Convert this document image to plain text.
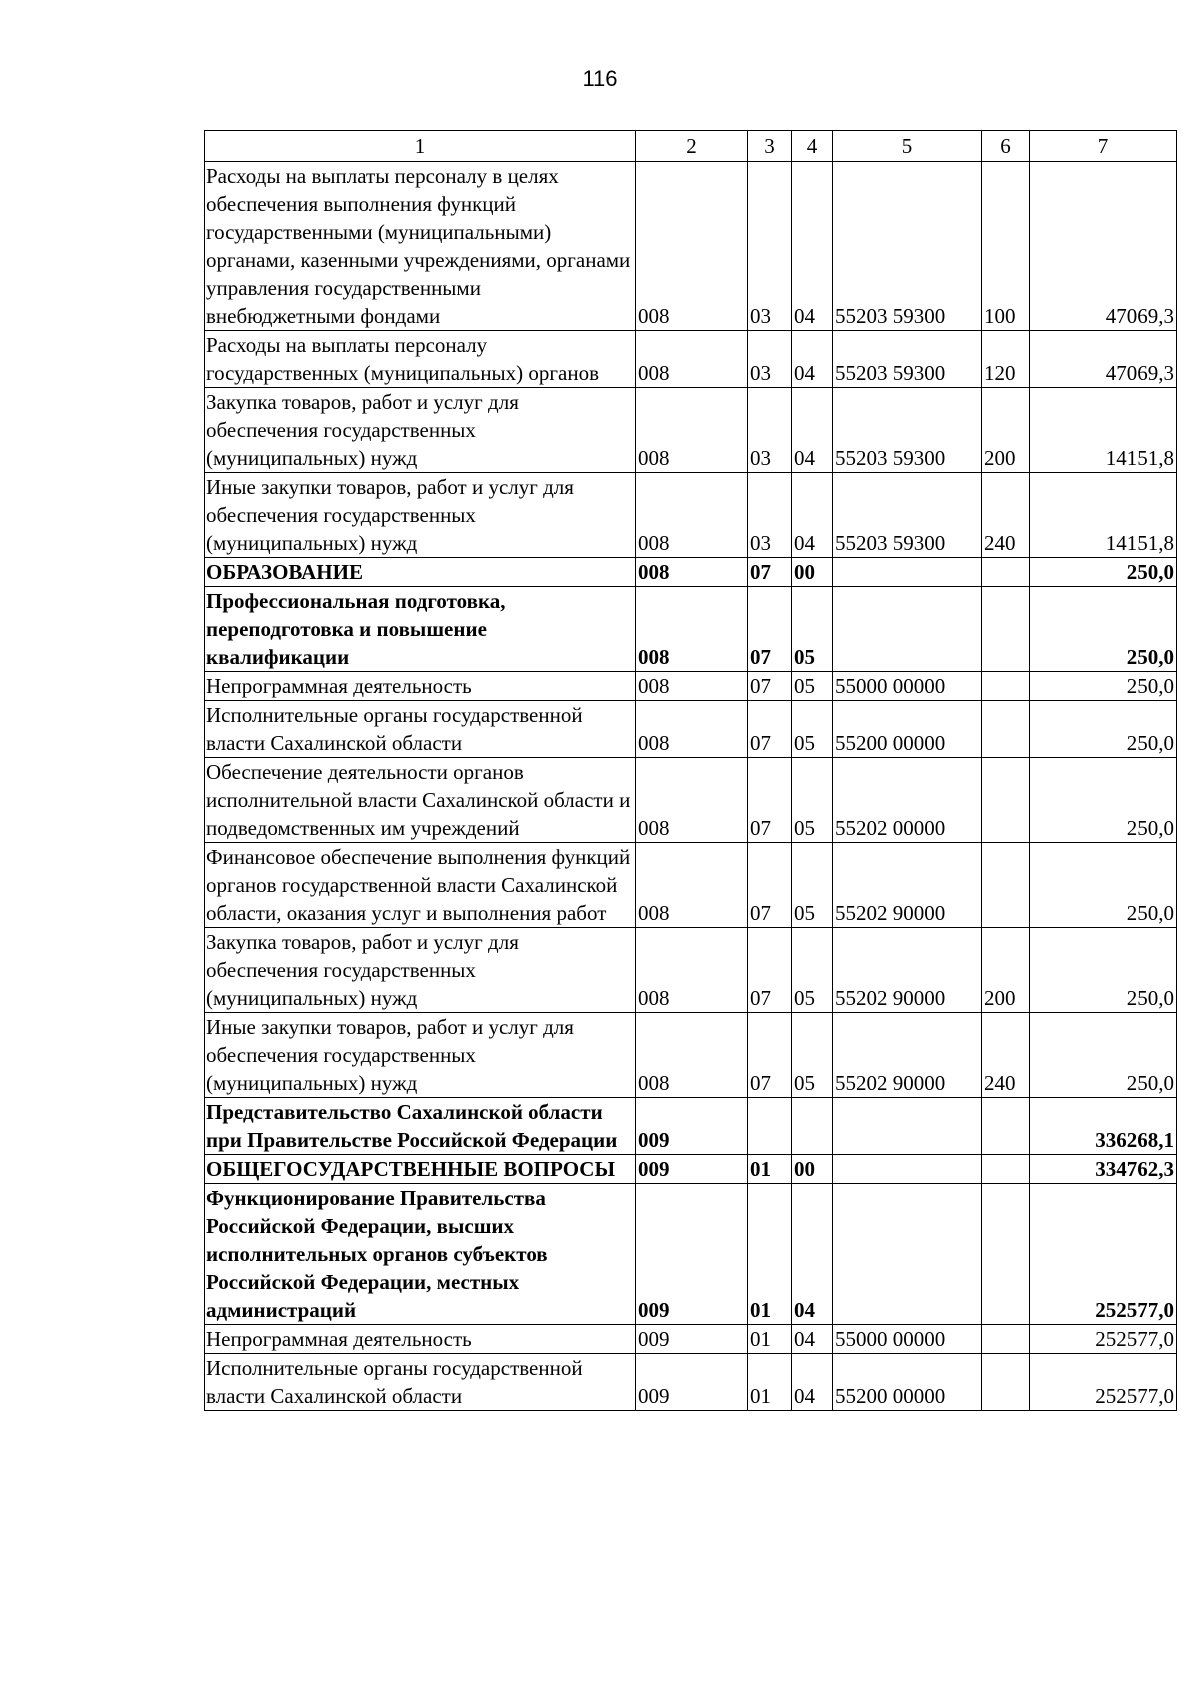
116
1	2	3	4	5	6	7
Расходы на выплаты персоналу в целях обеспечения выполнения функций государственными (муниципальными) органами, казенными учреждениями, органами управления государственными внебюджетными фондами	008	03	04	55203 59300	100	47069,3
Расходы на выплаты персоналу государственных (муниципальных) органов	008	03	04	55203 59300	120	47069,3
Закупка товаров, работ и услуг для обеспечения государственных (муниципальных) нужд	008	03	04	55203 59300	200	14151,8
Иные закупки товаров, работ и услуг для обеспечения государственных (муниципальных) нужд	008	03	04	55203 59300	240	14151,8
ОБРАЗОВАНИЕ	008	07	00			250,0
Профессиональная подготовка, переподготовка и повышение квалификации	008	07	05			250,0
Непрограммная деятельность	008	07	05	55000 00000		250,0
Исполнительные органы государственной власти Сахалинской области	008	07	05	55200 00000		250,0
Обеспечение деятельности органов исполнительной власти Сахалинской области и подведомственных им учреждений	008	07	05	55202 00000		250,0
Финансовое обеспечение выполнения функций органов государственной власти Сахалинской области, оказания услуг и выполнения работ	008	07	05	55202 90000		250,0
Закупка товаров, работ и услуг для обеспечения государственных (муниципальных) нужд	008	07	05	55202 90000	200	250,0
Иные закупки товаров, работ и услуг для обеспечения государственных (муниципальных) нужд	008	07	05	55202 90000	240	250,0
Представительство Сахалинской области при Правительстве Российской Федерации	009					336268,1
ОБЩЕГОСУДАРСТВЕННЫЕ ВОПРОСЫ	009	01	00			334762,3
Функционирование Правительства Российской Федерации, высших исполнительных органов субъектов Российской Федерации, местных администраций	009	01	04			252577,0
Непрограммная деятельность	009	01	04	55000 00000		252577,0
Исполнительные органы государственной власти Сахалинской области	009	01	04	55200 00000		252577,0
